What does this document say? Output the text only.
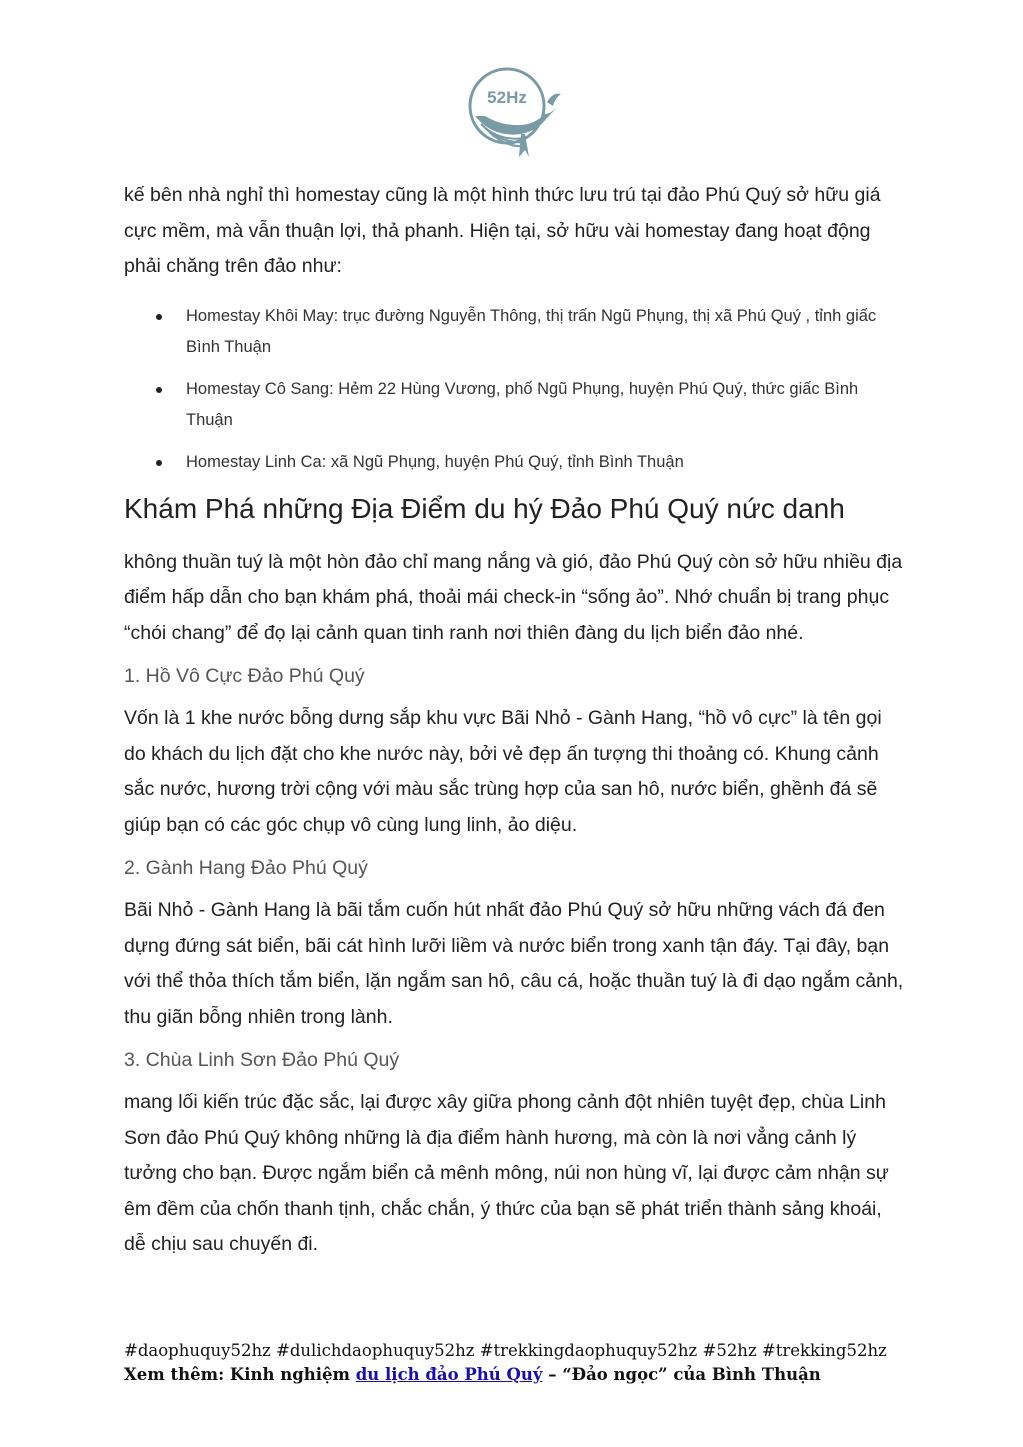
52Hz

kế bên nhà nghỉ thì homestay cũng là một hình thức lưu trú tại đảo Phú Quý sở hữu giá cực mềm, mà vẫn thuận lợi, thả phanh. Hiện tại, sở hữu vài homestay đang hoạt động phải chăng trên đảo như:

Homestay Khôi May: trục đường Nguyễn Thông, thị trấn Ngũ Phụng, thị xã Phú Quý , tỉnh giấc Bình Thuận
Homestay Cô Sang: Hẻm 22 Hùng Vương, phố Ngũ Phụng, huyện Phú Quý, thức giấc Bình Thuận
Homestay Linh Ca: xã Ngũ Phụng, huyện Phú Quý, tỉnh Bình Thuận
Khám Phá những Địa Điểm du hý Đảo Phú Quý nức danh

không thuần tuý là một hòn đảo chỉ mang nắng và gió, đảo Phú Quý còn sở hữu nhiều địa điểm hấp dẫn cho bạn khám phá, thoải mái check-in “sống ảo”. Nhớ chuẩn bị trang phục “chói chang” để đọ lại cảnh quan tinh ranh nơi thiên đàng du lịch biển đảo nhé.

1. Hồ Vô Cực Đảo Phú Quý

Vốn là 1 khe nước bỗng dưng sắp khu vực Bãi Nhỏ - Gành Hang, “hồ vô cực” là tên gọi do khách du lịch đặt cho khe nước này, bởi vẻ đẹp ấn tượng thi thoảng có. Khung cảnh sắc nước, hương trời cộng với màu sắc trùng hợp của san hô, nước biển, ghềnh đá sẽ giúp bạn có các góc chụp vô cùng lung linh, ảo diệu.

2. Gành Hang Đảo Phú Quý

Bãi Nhỏ - Gành Hang là bãi tắm cuốn hút nhất đảo Phú Quý sở hữu những vách đá đen dựng đứng sát biển, bãi cát hình lưỡi liềm và nước biển trong xanh tận đáy. Tại đây, bạn với thể thỏa thích tắm biển, lặn ngắm san hô, câu cá, hoặc thuần tuý là đi dạo ngắm cảnh, thu giãn bỗng nhiên trong lành.

3. Chùa Linh Sơn Đảo Phú Quý

mang lối kiến trúc đặc sắc, lại được xây giữa phong cảnh đột nhiên tuyệt đẹp, chùa Linh Sơn đảo Phú Quý không những là địa điểm hành hương, mà còn là nơi vẳng cảnh lý tưởng cho bạn. Được ngắm biển cả mênh mông, núi non hùng vĩ, lại được cảm nhận sự êm đềm của chốn thanh tịnh, chắc chắn, ý thức của bạn sẽ phát triển thành sảng khoái, dễ chịu sau chuyến đi.

#daophuquy52hz #dulichdaophuquy52hz #trekkingdaophuquy52hz #52hz #trekking52hz
Xem thêm: Kinh nghiệm du lịch đảo Phú Quý – “Đảo ngọc” của Bình Thuận
